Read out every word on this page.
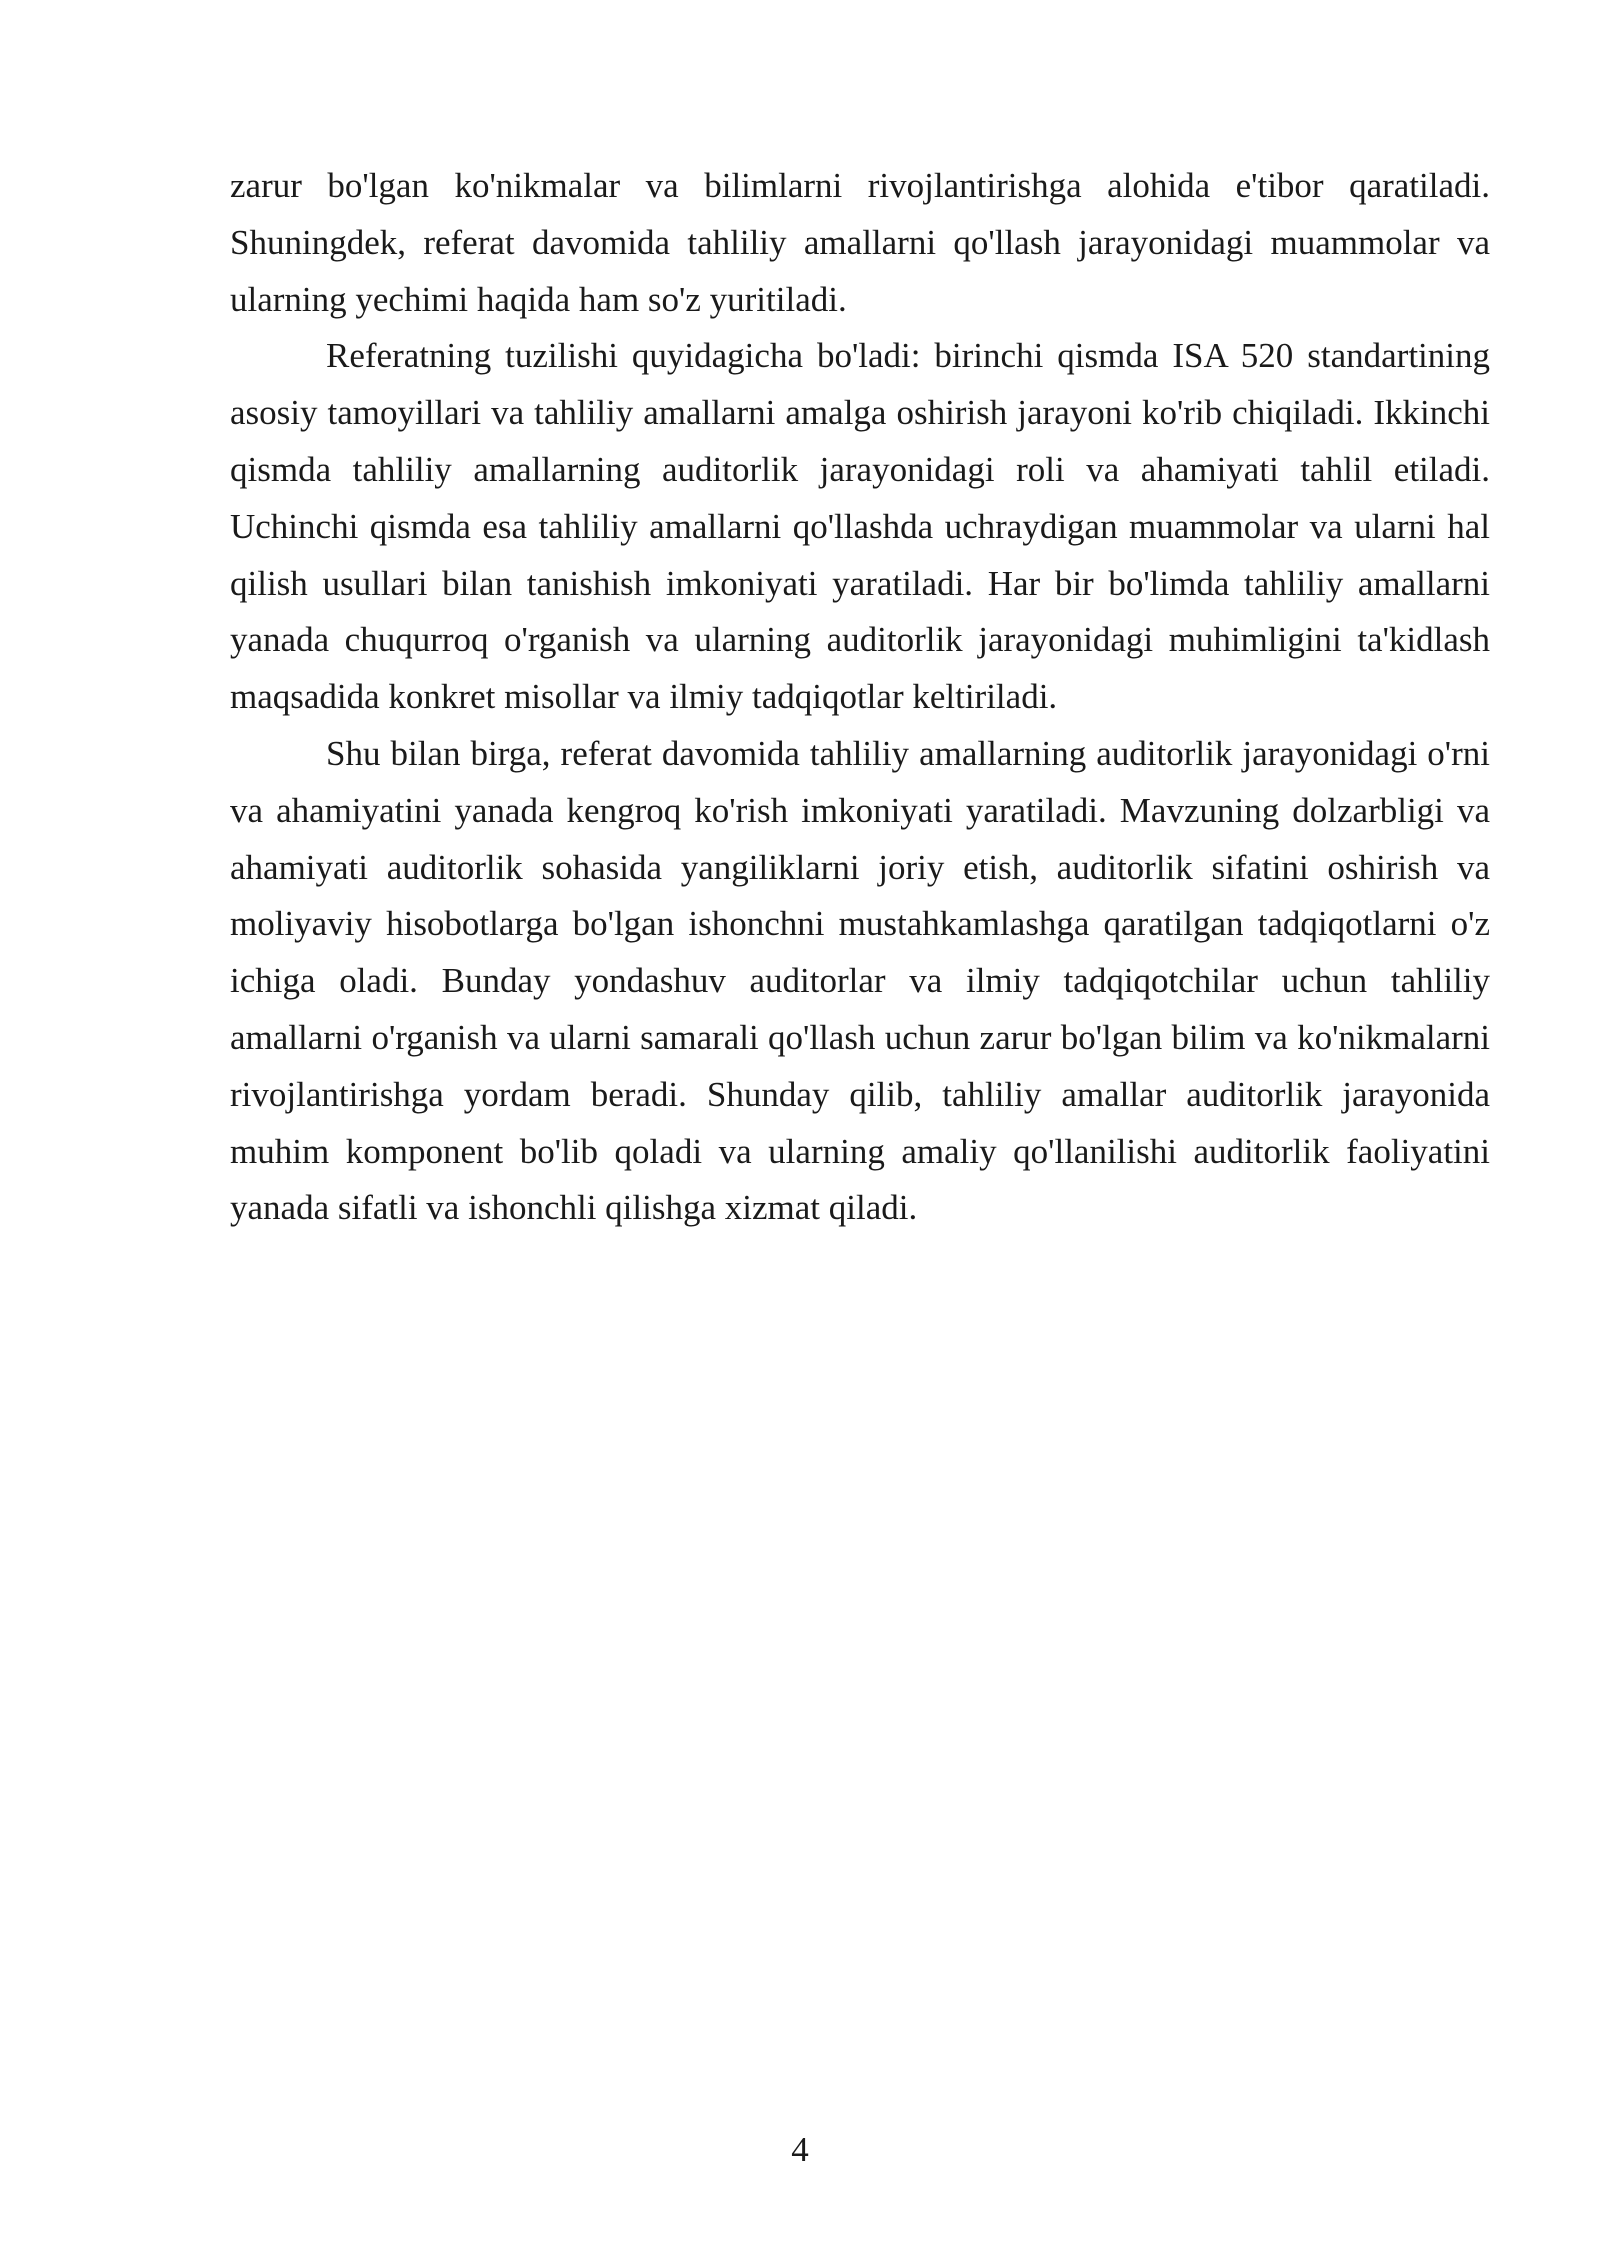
zarur bo'lgan ko'nikmalar va bilimlarni rivojlantirishga alohida e'tibor qaratiladi. Shuningdek, referat davomida tahliliy amallarni qo'llash jarayonidagi muammolar va ularning yechimi haqida ham so'z yuritiladi.

Referatning tuzilishi quyidagicha bo'ladi: birinchi qismda ISA 520 standartining asosiy tamoyillari va tahliliy amallarni amalga oshirish jarayoni ko'rib chiqiladi. Ikkinchi qismda tahliliy amallarning auditorlik jarayonidagi roli va ahamiyati tahlil etiladi. Uchinchi qismda esa tahliliy amallarni qo'llashda uchraydigan muammolar va ularni hal qilish usullari bilan tanishish imkoniyati yaratiladi. Har bir bo'limda tahliliy amallarni yanada chuqurroq o'rganish va ularning auditorlik jarayonidagi muhimligini ta'kidlash maqsadida konkret misollar va ilmiy tadqiqotlar keltiriladi.

Shu bilan birga, referat davomida tahliliy amallarning auditorlik jarayonidagi o'rni va ahamiyatini yanada kengroq ko'rish imkoniyati yaratiladi. Mavzuning dolzarbligi va ahamiyati auditorlik sohasida yangiliklarni joriy etish, auditorlik sifatini oshirish va moliyaviy hisobotlarga bo'lgan ishonchni mustahkamlashga qaratilgan tadqiqotlarni o'z ichiga oladi. Bunday yondashuv auditorlar va ilmiy tadqiqotchilar uchun tahliliy amallarni o'rganish va ularni samarali qo'llash uchun zarur bo'lgan bilim va ko'nikmalarni rivojlantirishga yordam beradi. Shunday qilib, tahliliy amallar auditorlik jarayonida muhim komponent bo'lib qoladi va ularning amaliy qo'llanilishi auditorlik faoliyatini yanada sifatli va ishonchli qilishga xizmat qiladi.

4
